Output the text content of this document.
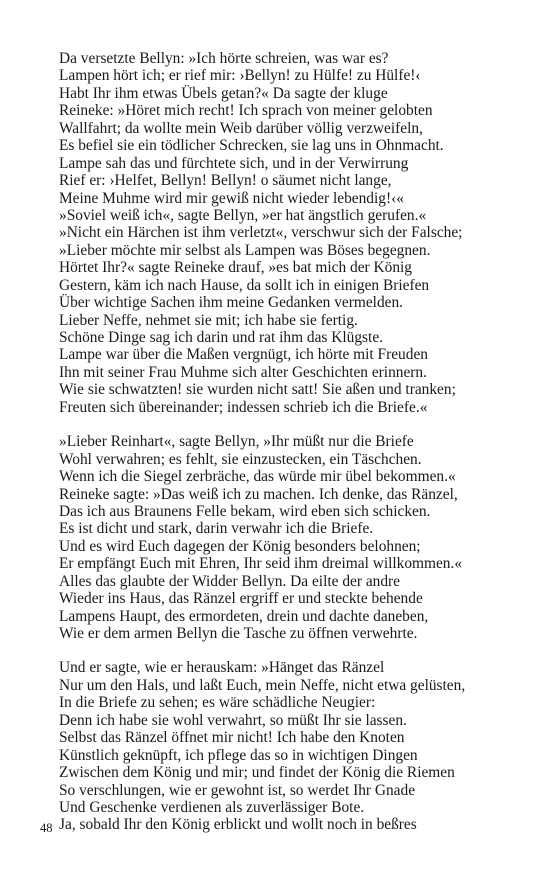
Da versetzte Bellyn: »Ich hörte schreien, was war es?
Lampen hört ich; er rief mir: ›Bellyn! zu Hülfe! zu Hülfe!‹
Habt Ihr ihm etwas Übels getan?« Da sagte der kluge
Reineke: »Höret mich recht! Ich sprach von meiner gelobten
Wallfahrt; da wollte mein Weib darüber völlig verzweifeln,
Es befiel sie ein tödlicher Schrecken, sie lag uns in Ohnmacht.
Lampe sah das und fürchtete sich, und in der Verwirrung
Rief er: ›Helfet, Bellyn! Bellyn! o säumet nicht lange,
Meine Muhme wird mir gewiß nicht wieder lebendig!‹«
»Soviel weiß ich«, sagte Bellyn, »er hat ängstlich gerufen.«
»Nicht ein Härchen ist ihm verletzt«, verschwur sich der Falsche;
»Lieber möchte mir selbst als Lampen was Böses begegnen.
Hörtet Ihr?« sagte Reineke drauf, »es bat mich der König
Gestern, käm ich nach Hause, da sollt ich in einigen Briefen
Über wichtige Sachen ihm meine Gedanken vermelden.
Lieber Neffe, nehmet sie mit; ich habe sie fertig.
Schöne Dinge sag ich darin und rat ihm das Klügste.
Lampe war über die Maßen vergnügt, ich hörte mit Freuden
Ihn mit seiner Frau Muhme sich alter Geschichten erinnern.
Wie sie schwatzten! sie wurden nicht satt! Sie aßen und tranken;
Freuten sich übereinander; indessen schrieb ich die Briefe.«
»Lieber Reinhart«, sagte Bellyn, »Ihr müßt nur die Briefe
Wohl verwahren; es fehlt, sie einzustecken, ein Täschchen.
Wenn ich die Siegel zerbräche, das würde mir übel bekommen.«
Reineke sagte: »Das weiß ich zu machen. Ich denke, das Ränzel,
Das ich aus Braunens Felle bekam, wird eben sich schicken.
Es ist dicht und stark, darin verwahr ich die Briefe.
Und es wird Euch dagegen der König besonders belohnen;
Er empfängt Euch mit Ehren, Ihr seid ihm dreimal willkommen.«
Alles das glaubte der Widder Bellyn. Da eilte der andre
Wieder ins Haus, das Ränzel ergriff er und steckte behende
Lampens Haupt, des ermordeten, drein und dachte daneben,
Wie er dem armen Bellyn die Tasche zu öffnen verwehrte.
Und er sagte, wie er herauskam: »Hänget das Ränzel
Nur um den Hals, und laßt Euch, mein Neffe, nicht etwa gelüsten,
In die Briefe zu sehen; es wäre schädliche Neugier:
Denn ich habe sie wohl verwahrt, so müßt Ihr sie lassen.
Selbst das Ränzel öffnet mir nicht! Ich habe den Knoten
Künstlich geknüpft, ich pflege das so in wichtigen Dingen
Zwischen dem König und mir; und findet der König die Riemen
So verschlungen, wie er gewohnt ist, so werdet Ihr Gnade
Und Geschenke verdienen als zuverlässiger Bote.
Ja, sobald Ihr den König erblickt und wollt noch in beßres
48
